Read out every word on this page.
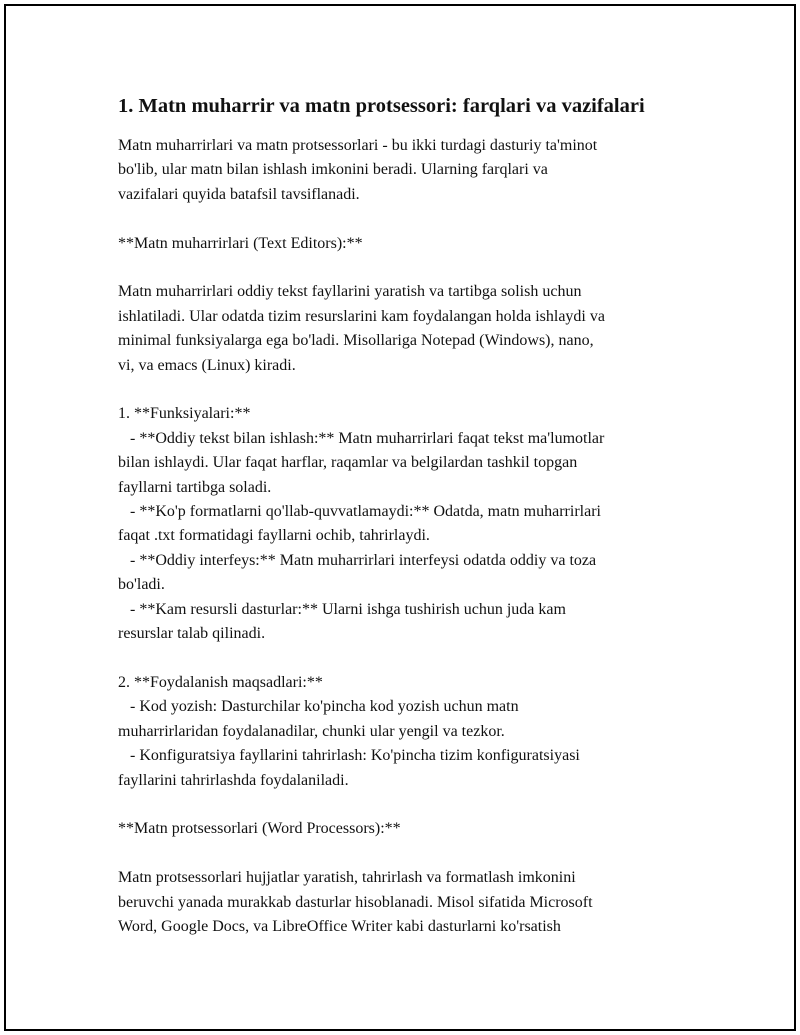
1. Matn muharrir va matn protsessori: farqlari va vazifalari

Matn muharrirlari va matn protsessorlari - bu ikki turdagi dasturiy ta'minot
bo'lib, ular matn bilan ishlash imkonini beradi. Ularning farqlari va
vazifalari quyida batafsil tavsiflanadi.

**Matn muharrirlari (Text Editors):**

Matn muharrirlari oddiy tekst fayllarini yaratish va tartibga solish uchun
ishlatiladi. Ular odatda tizim resurslarini kam foydalangan holda ishlaydi va
minimal funksiyalarga ega bo'ladi. Misollariga Notepad (Windows), nano,
vi, va emacs (Linux) kiradi.

1. **Funksiyalari:**
- **Oddiy tekst bilan ishlash:** Matn muharrirlari faqat tekst ma'lumotlar
bilan ishlaydi. Ular faqat harflar, raqamlar va belgilardan tashkil topgan
fayllarni tartibga soladi.
- **Ko'p formatlarni qo'llab-quvvatlamaydi:** Odatda, matn muharrirlari
faqat .txt formatidagi fayllarni ochib, tahrirlaydi.
- **Oddiy interfeys:** Matn muharrirlari interfeysi odatda oddiy va toza
bo'ladi.
- **Kam resursli dasturlar:** Ularni ishga tushirish uchun juda kam
resurslar talab qilinadi.

2. **Foydalanish maqsadlari:**
- Kod yozish: Dasturchilar ko'pincha kod yozish uchun matn
muharrirlaridan foydalanadilar, chunki ular yengil va tezkor.
- Konfiguratsiya fayllarini tahrirlash: Ko'pincha tizim konfiguratsiyasi
fayllarini tahrirlashda foydalaniladi.

**Matn protsessorlari (Word Processors):**

Matn protsessorlari hujjatlar yaratish, tahrirlash va formatlash imkonini
beruvchi yanada murakkab dasturlar hisoblanadi. Misol sifatida Microsoft
Word, Google Docs, va LibreOffice Writer kabi dasturlarni ko'rsatish
